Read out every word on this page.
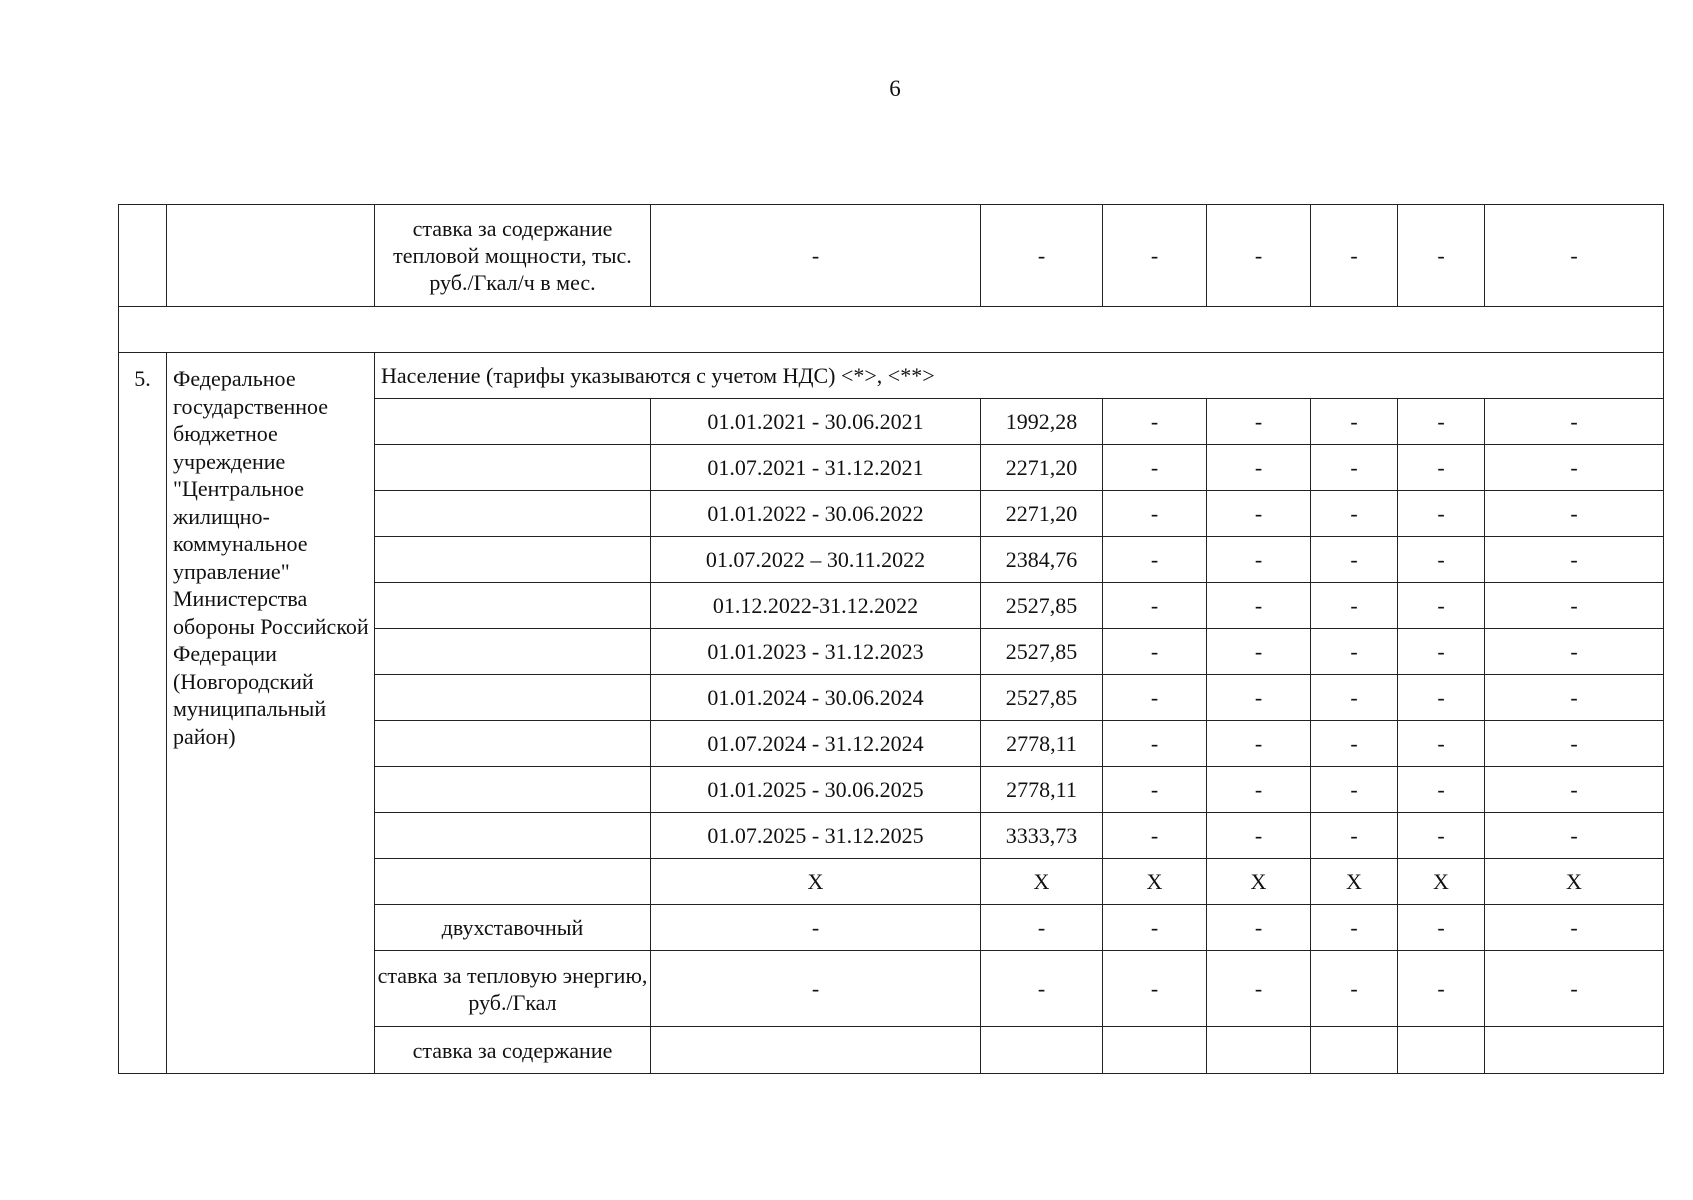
6
		ставка за содержание тепловой мощности, тыс. руб./Гкал/ч в мес.	-	-	-	-	-	-	-

5.	Федеральное государственное бюджетное учреждение "Центральное жилищно-коммунальное управление" Министерства обороны Российской Федерации (Новгородский муниципальный район)	Население (тарифы указываются с учетом НДС) <*>, <**>							
			01.01.2021 - 30.06.2021	1992,28	-	-	-	-	-
			01.07.2021 - 31.12.2021	2271,20	-	-	-	-	-
			01.01.2022 - 30.06.2022	2271,20	-	-	-	-	-
			01.07.2022 – 30.11.2022	2384,76	-	-	-	-	-
			01.12.2022-31.12.2022	2527,85	-	-	-	-	-
			01.01.2023 - 31.12.2023	2527,85	-	-	-	-	-
			01.01.2024 - 30.06.2024	2527,85	-	-	-	-	-
			01.07.2024 - 31.12.2024	2778,11	-	-	-	-	-
			01.01.2025 - 30.06.2025	2778,11	-	-	-	-	-
			01.07.2025 - 31.12.2025	3333,73	-	-	-	-	-
			X	X	X	X	X	X	X
		двухставочный	-	-	-	-	-	-	-
		ставка за тепловую энергию, руб./Гкал	-	-	-	-	-	-	-
		ставка за содержание							
